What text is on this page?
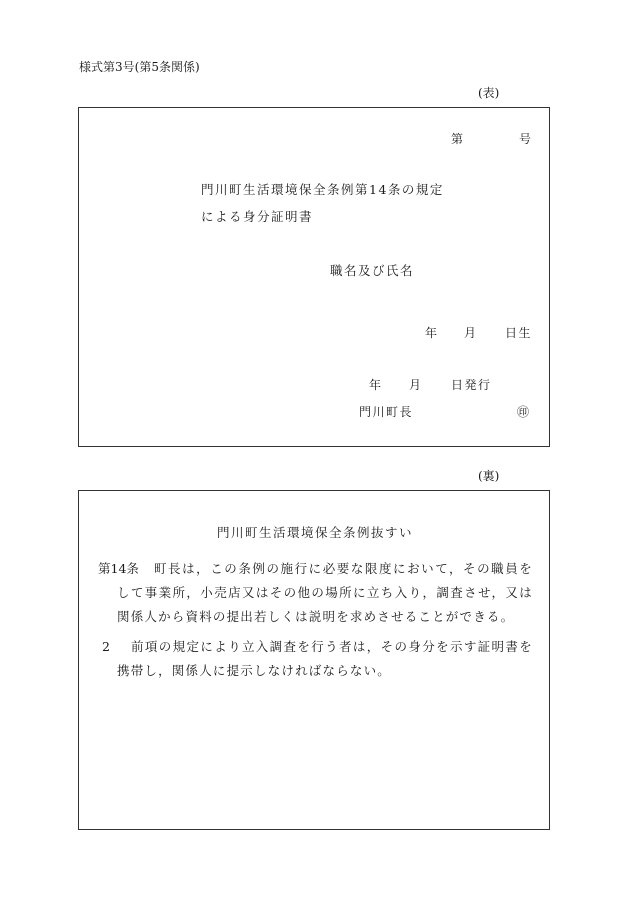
様式第3号(第5条関係)
(表)
第	号
門川町生活環境保全条例第14条の規定
による身分証明書
職名及び氏名
年 月 日生
年 月 日発行
門川町長	㊞
(裏)
門川町生活環境保全条例抜すい
第14条	町長は，この条例の施行に必要な限度において，その職員をして事業所，小売店又はその他の場所に立ち入り，調査させ，又は関係人から資料の提出若しくは説明を求めさせることができる。
2	前項の規定により立入調査を行う者は，その身分を示す証明書を携帯し，関係人に提示しなければならない。
